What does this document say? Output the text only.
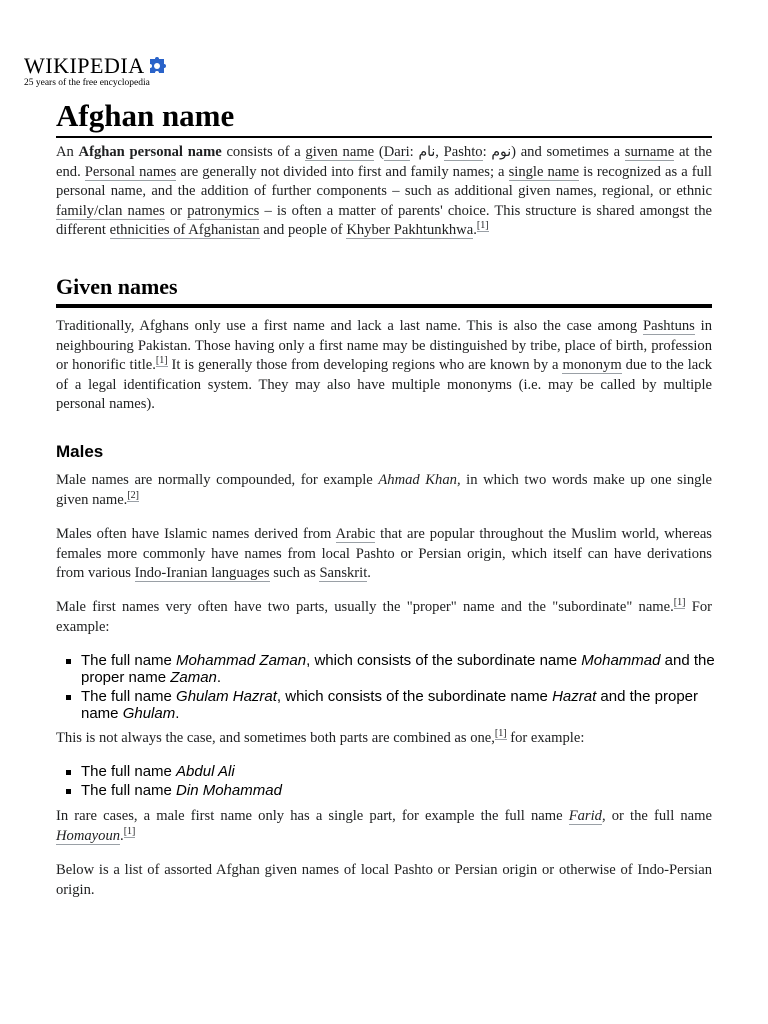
WIKIPEDIA
25 years of the free encyclopedia
Afghan name

An Afghan personal name consists of a given name (Dari: نام, Pashto: نوم) and sometimes a surname at the end. Personal names are generally not divided into first and family names; a single name is recognized as a full personal name, and the addition of further components – such as additional given names, regional, or ethnic family/clan names or patronymics – is often a matter of parents' choice. This structure is shared amongst the different ethnicities of Afghanistan and people of Khyber Pakhtunkhwa.[1]

Given names

Traditionally, Afghans only use a first name and lack a last name. This is also the case among Pashtuns in neighbouring Pakistan. Those having only a first name may be distinguished by tribe, place of birth, profession or honorific title.[1] It is generally those from developing regions who are known by a mononym due to the lack of a legal identification system. They may also have multiple mononyms (i.e. may be called by multiple personal names).

Males

Male names are normally compounded, for example Ahmad Khan, in which two words make up one single given name.[2]

Males often have Islamic names derived from Arabic that are popular throughout the Muslim world, whereas females more commonly have names from local Pashto or Persian origin, which itself can have derivations from various Indo-Iranian languages such as Sanskrit.

Male first names very often have two parts, usually the "proper" name and the "subordinate" name.[1] For example:

The full name Mohammad Zaman, which consists of the subordinate name Mohammad and the proper name Zaman.
The full name Ghulam Hazrat, which consists of the subordinate name Hazrat and the proper name Ghulam.

This is not always the case, and sometimes both parts are combined as one,[1] for example:

The full name Abdul Ali
The full name Din Mohammad

In rare cases, a male first name only has a single part, for example the full name Farid, or the full name Homayoun.[1]

Below is a list of assorted Afghan given names of local Pashto or Persian origin or otherwise of Indo-Persian origin.
